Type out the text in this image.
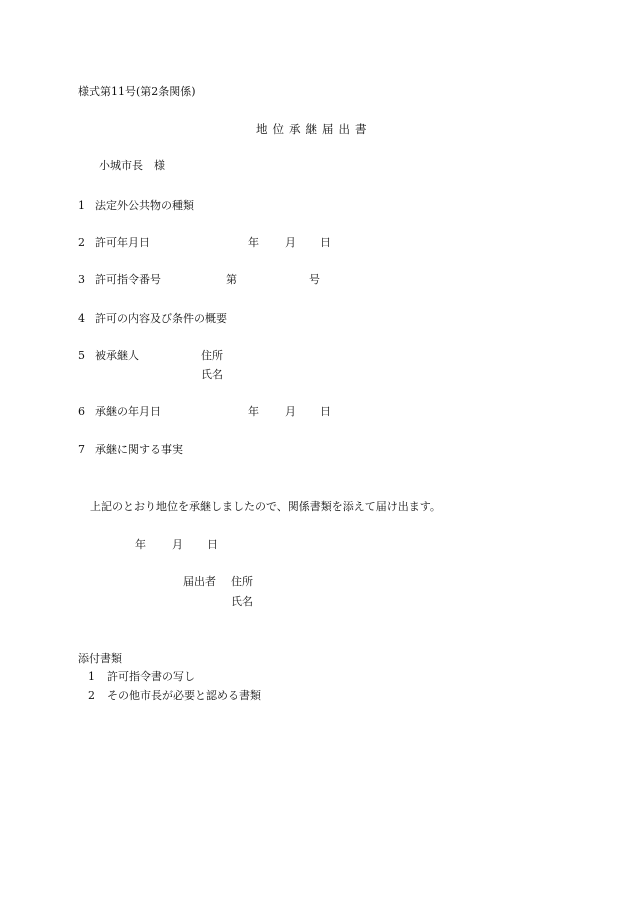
様式第11号(第2条関係)

地位承継届出書

小城市長　様

1 法定外公共物の種類

2 許可年月日	年 月 日

3 許可指令番号	第	号

4 許可の内容及び条件の概要

5 被承継人	住所

氏名

6 承継の年月日	年 月 日

7 承継に関する事実

上記のとおり地位を承継しましたので、関係書類を添えて届け出ます。

年 月 日

届出者 住所

氏名

添付書類

1 許可指令書の写し

2 その他市長が必要と認める書類
